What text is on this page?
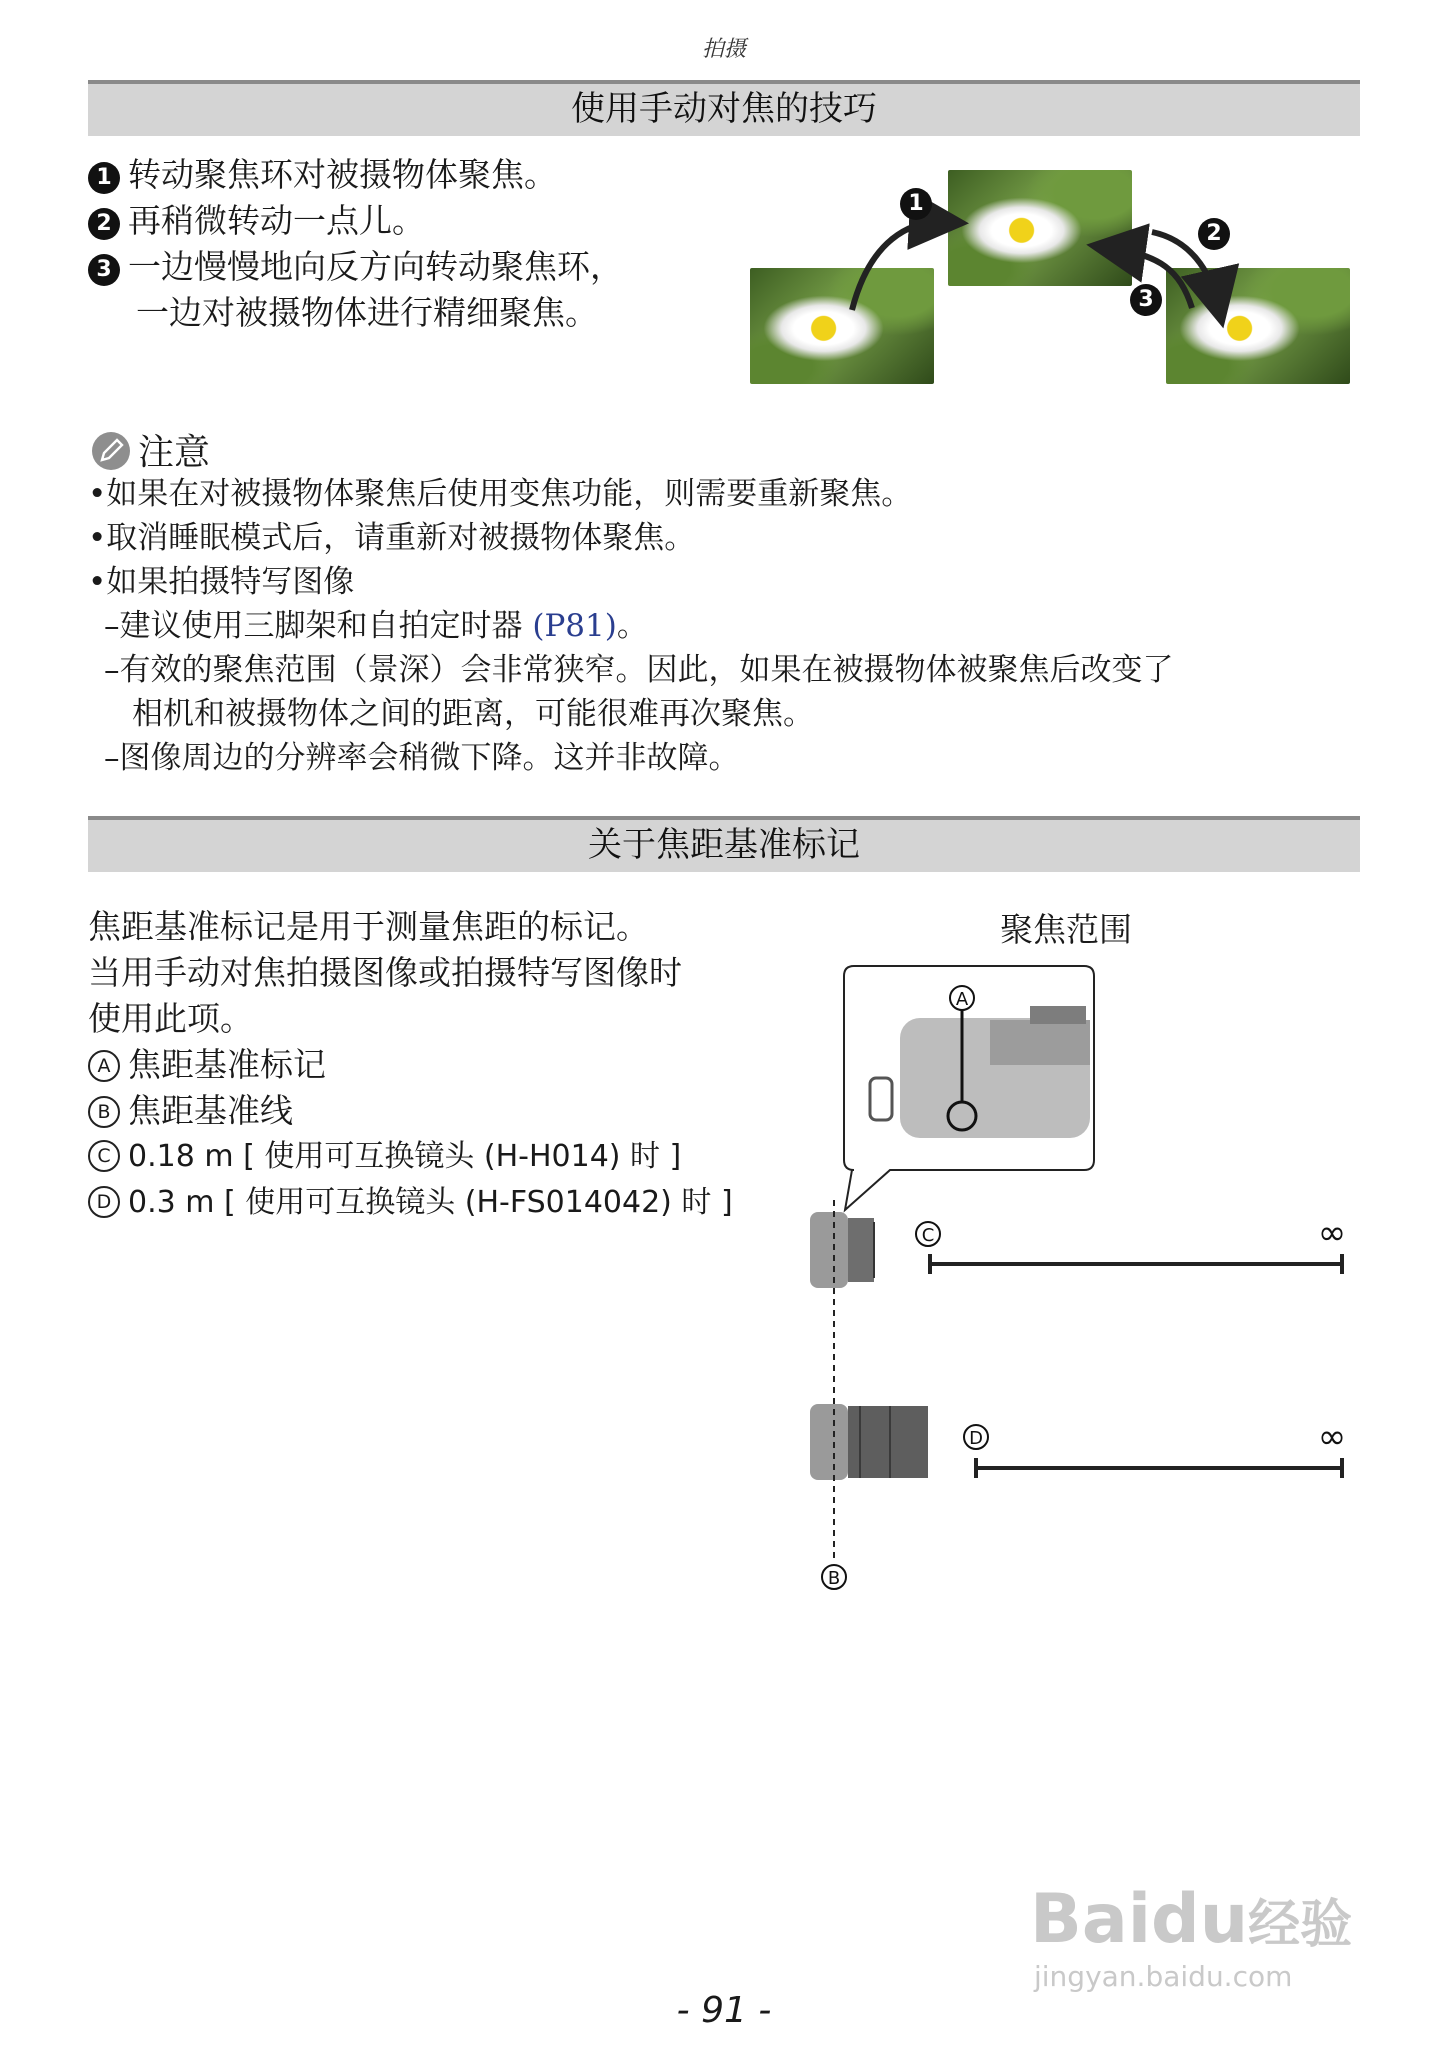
拍摄
使用手动对焦的技巧
1 转动聚焦环对被摄物体聚焦。
2 再稍微转动一点儿。
3 一边慢慢地向反方向转动聚焦环，
一边对被摄物体进行精细聚焦。
1
2
3
注意
•如果在对被摄物体聚焦后使用变焦功能，则需要重新聚焦。
•取消睡眠模式后，请重新对被摄物体聚焦。
•如果拍摄特写图像
–建议使用三脚架和自拍定时器 (P81)。
–有效的聚焦范围（景深）会非常狭窄。因此，如果在被摄物体被聚焦后改变了
相机和被摄物体之间的距离，可能很难再次聚焦。
–图像周边的分辨率会稍微下降。这并非故障。
关于焦距基准标记
焦距基准标记是用于测量焦距的标记。
当用手动对焦拍摄图像或拍摄特写图像时
使用此项。
A 焦距基准标记
B 焦距基准线
C 0.18 m [ 使用可互换镜头 (H-H014) 时 ]
D 0.3 m [ 使用可互换镜头 (H-FS014042) 时 ]
聚焦范围
A
B
C	∞
D	∞
Baidu经验
jingyan.baidu.com
- 91 -
